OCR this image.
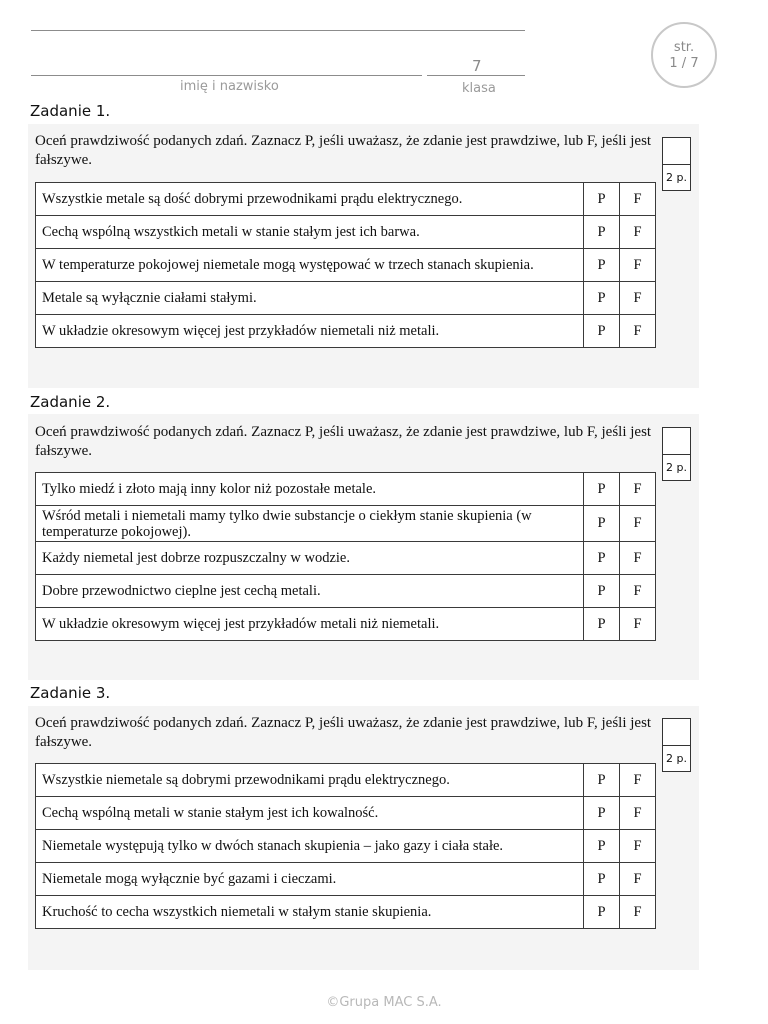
imię i nazwisko
7
klasa
str.
1 / 7
Zadanie 1.
Oceń prawdziwość podanych zdań. Zaznacz P, jeśli uważasz, że zdanie jest prawdziwe, lub F, jeśli jest fałszywe.
2 p.
Wszystkie metale są dość dobrymi przewodnikami prądu elektrycznego.	P	F
Cechą wspólną wszystkich metali w stanie stałym jest ich barwa.	P	F
W temperaturze pokojowej niemetale mogą występować w trzech stanach skupienia.	P	F
Metale są wyłącznie ciałami stałymi.	P	F
W układzie okresowym więcej jest przykładów niemetali niż metali.	P	F
Zadanie 2.
Oceń prawdziwość podanych zdań. Zaznacz P, jeśli uważasz, że zdanie jest prawdziwe, lub F, jeśli jest fałszywe.
2 p.
Tylko miedź i złoto mają inny kolor niż pozostałe metale.	P	F
Wśród metali i niemetali mamy tylko dwie substancje o ciekłym stanie skupienia (w temperaturze pokojowej).	P	F
Każdy niemetal jest dobrze rozpuszczalny w wodzie.	P	F
Dobre przewodnictwo cieplne jest cechą metali.	P	F
W układzie okresowym więcej jest przykładów metali niż niemetali.	P	F
Zadanie 3.
Oceń prawdziwość podanych zdań. Zaznacz P, jeśli uważasz, że zdanie jest prawdziwe, lub F, jeśli jest fałszywe.
2 p.
Wszystkie niemetale są dobrymi przewodnikami prądu elektrycznego.	P	F
Cechą wspólną metali w stanie stałym jest ich kowalność.	P	F
Niemetale występują tylko w dwóch stanach skupienia – jako gazy i ciała stałe.	P	F
Niemetale mogą wyłącznie być gazami i cieczami.	P	F
Kruchość to cecha wszystkich niemetali w stałym stanie skupienia.	P	F
©Grupa MAC S.A.
